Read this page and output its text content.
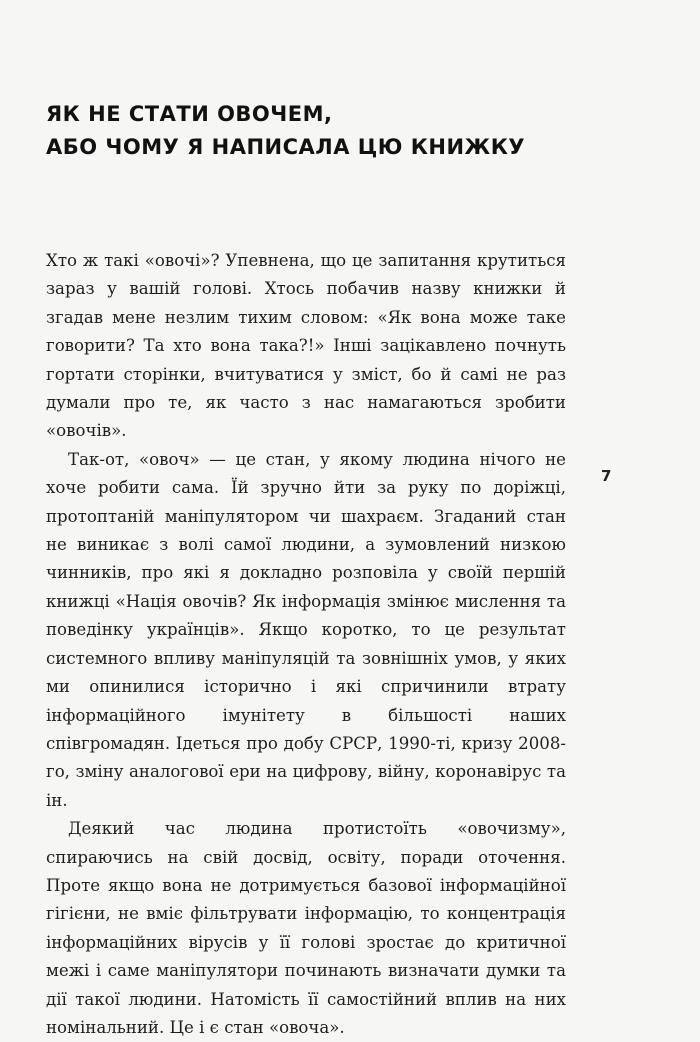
ЯК НЕ СТАТИ ОВОЧЕМ,
АБО ЧОМУ Я НАПИСАЛА ЦЮ КНИЖКУ

Хто ж такі «овочі»? Упевнена, що це запитання крутиться зараз у вашій голові. Хтось побачив назву книжки й згадав мене незлим тихим словом: «Як вона може таке говорити? Та хто вона така?!» Інші зацікавлено почнуть гортати сторінки, вчитуватися у зміст, бо й самі не раз думали про те, як часто з нас намагаються зробити «овочів».

Так-от, «овоч» — це стан, у якому людина нічого не хоче робити сама. Їй зручно йти за руку по доріжці, протоптаній маніпулятором чи шахраєм. Згаданий стан не виникає з волі самої людини, а зумовлений низкою чинників, про які я докладно розповіла у своїй першій книжці «Нація овочів? Як інформація змінює мислення та поведінку українців». Якщо коротко, то це результат системного впливу маніпуляцій та зовнішніх умов, у яких ми опинилися історично і які спричинили втрату інформаційного імунітету в більшості наших співгромадян. Ідеться про добу СРСР, 1990-ті, кризу 2008-го, зміну аналогової ери на цифрову, війну, коронавірус та ін.

Деякий час людина протистоїть «овочизму», спираючись на свій досвід, освіту, поради оточення. Проте якщо вона не дотримується базової інформаційної гігієни, не вміє фільтрувати інформацію, то концентрація інформаційних вірусів у її голові зростає до критичної межі і саме маніпулятори починають визначати думки та дії такої людини. Натомість її самостійний вплив на них номінальний. Це і є стан «овоча».

7
